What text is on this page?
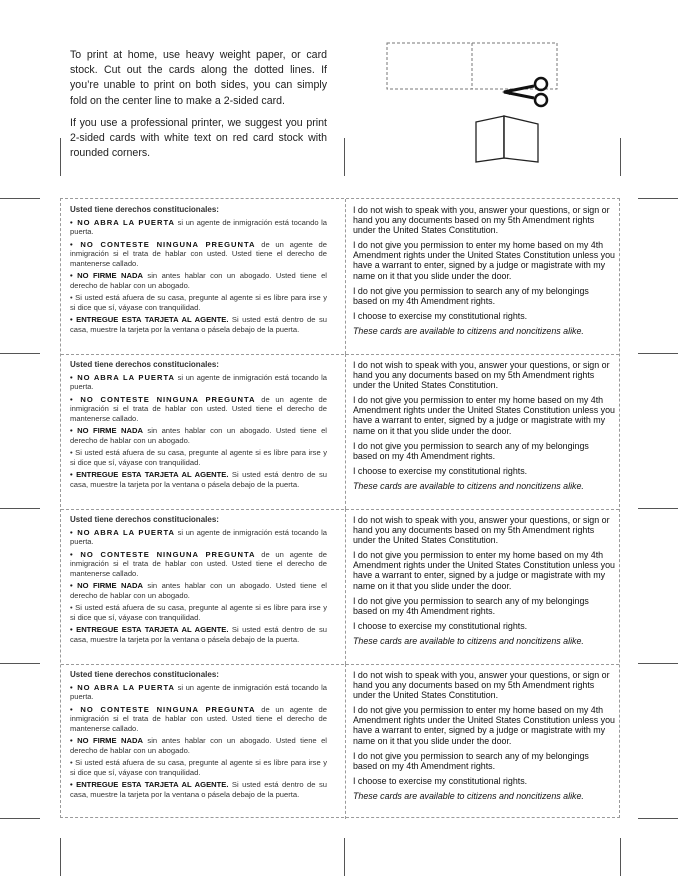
To print at home, use heavy weight paper, or card stock. Cut out the cards along the dotted lines. If you’re unable to print on both sides, you can simply fold on the center line to make a 2-sided card.

If you use a professional printer, we suggest you print 2-sided cards with white text on red card stock with rounded corners.

Usted tiene derechos constitucionales:
• NO ABRA LA PUERTA si un agente de inmigración está tocando la puerta.
• NO CONTESTE NINGUNA PREGUNTA de un agente de inmigración si el trata de hablar con usted. Usted tiene el derecho de mantenerse callado.
• NO FIRME NADA sin antes hablar con un abogado. Usted tiene el derecho de hablar con un abogado.
• Si usted está afuera de su casa, pregunte al agente si es libre para irse y si dice que sí, váyase con tranquilidad.
• ENTREGUE ESTA TARJETA AL AGENTE. Si usted está dentro de su casa, muestre la tarjeta por la ventana o pásela debajo de la puerta.

I do not wish to speak with you, answer your questions, or sign or hand you any documents based on my 5th Amendment rights under the United States Constitution.

I do not give you permission to enter my home based on my 4th Amendment rights under the United States Constitution unless you have a warrant to enter, signed by a judge or magistrate with my name on it that you slide under the door.

I do not give you permission to search any of my belongings based on my 4th Amendment rights.

I choose to exercise my constitutional rights.

These cards are available to citizens and noncitizens alike.

Usted tiene derechos constitucionales:
• NO ABRA LA PUERTA si un agente de inmigración está tocando la puerta.
• NO CONTESTE NINGUNA PREGUNTA de un agente de inmigración si el trata de hablar con usted. Usted tiene el derecho de mantenerse callado.
• NO FIRME NADA sin antes hablar con un abogado. Usted tiene el derecho de hablar con un abogado.
• Si usted está afuera de su casa, pregunte al agente si es libre para irse y si dice que sí, váyase con tranquilidad.
• ENTREGUE ESTA TARJETA AL AGENTE. Si usted está dentro de su casa, muestre la tarjeta por la ventana o pásela debajo de la puerta.

I do not wish to speak with you, answer your questions, or sign or hand you any documents based on my 5th Amendment rights under the United States Constitution.

I do not give you permission to enter my home based on my 4th Amendment rights under the United States Constitution unless you have a warrant to enter, signed by a judge or magistrate with my name on it that you slide under the door.

I do not give you permission to search any of my belongings based on my 4th Amendment rights.

I choose to exercise my constitutional rights.

These cards are available to citizens and noncitizens alike.

Usted tiene derechos constitucionales:
• NO ABRA LA PUERTA si un agente de inmigración está tocando la puerta.
• NO CONTESTE NINGUNA PREGUNTA de un agente de inmigración si el trata de hablar con usted. Usted tiene el derecho de mantenerse callado.
• NO FIRME NADA sin antes hablar con un abogado. Usted tiene el derecho de hablar con un abogado.
• Si usted está afuera de su casa, pregunte al agente si es libre para irse y si dice que sí, váyase con tranquilidad.
• ENTREGUE ESTA TARJETA AL AGENTE. Si usted está dentro de su casa, muestre la tarjeta por la ventana o pásela debajo de la puerta.

I do not wish to speak with you, answer your questions, or sign or hand you any documents based on my 5th Amendment rights under the United States Constitution.

I do not give you permission to enter my home based on my 4th Amendment rights under the United States Constitution unless you have a warrant to enter, signed by a judge or magistrate with my name on it that you slide under the door.

I do not give you permission to search any of my belongings based on my 4th Amendment rights.

I choose to exercise my constitutional rights.

These cards are available to citizens and noncitizens alike.

Usted tiene derechos constitucionales:
• NO ABRA LA PUERTA si un agente de inmigración está tocando la puerta.
• NO CONTESTE NINGUNA PREGUNTA de un agente de inmigración si el trata de hablar con usted. Usted tiene el derecho de mantenerse callado.
• NO FIRME NADA sin antes hablar con un abogado. Usted tiene el derecho de hablar con un abogado.
• Si usted está afuera de su casa, pregunte al agente si es libre para irse y si dice que sí, váyase con tranquilidad.
• ENTREGUE ESTA TARJETA AL AGENTE. Si usted está dentro de su casa, muestre la tarjeta por la ventana o pásela debajo de la puerta.

I do not wish to speak with you, answer your questions, or sign or hand you any documents based on my 5th Amendment rights under the United States Constitution.

I do not give you permission to enter my home based on my 4th Amendment rights under the United States Constitution unless you have a warrant to enter, signed by a judge or magistrate with my name on it that you slide under the door.

I do not give you permission to search any of my belongings based on my 4th Amendment rights.

I choose to exercise my constitutional rights.

These cards are available to citizens and noncitizens alike.
